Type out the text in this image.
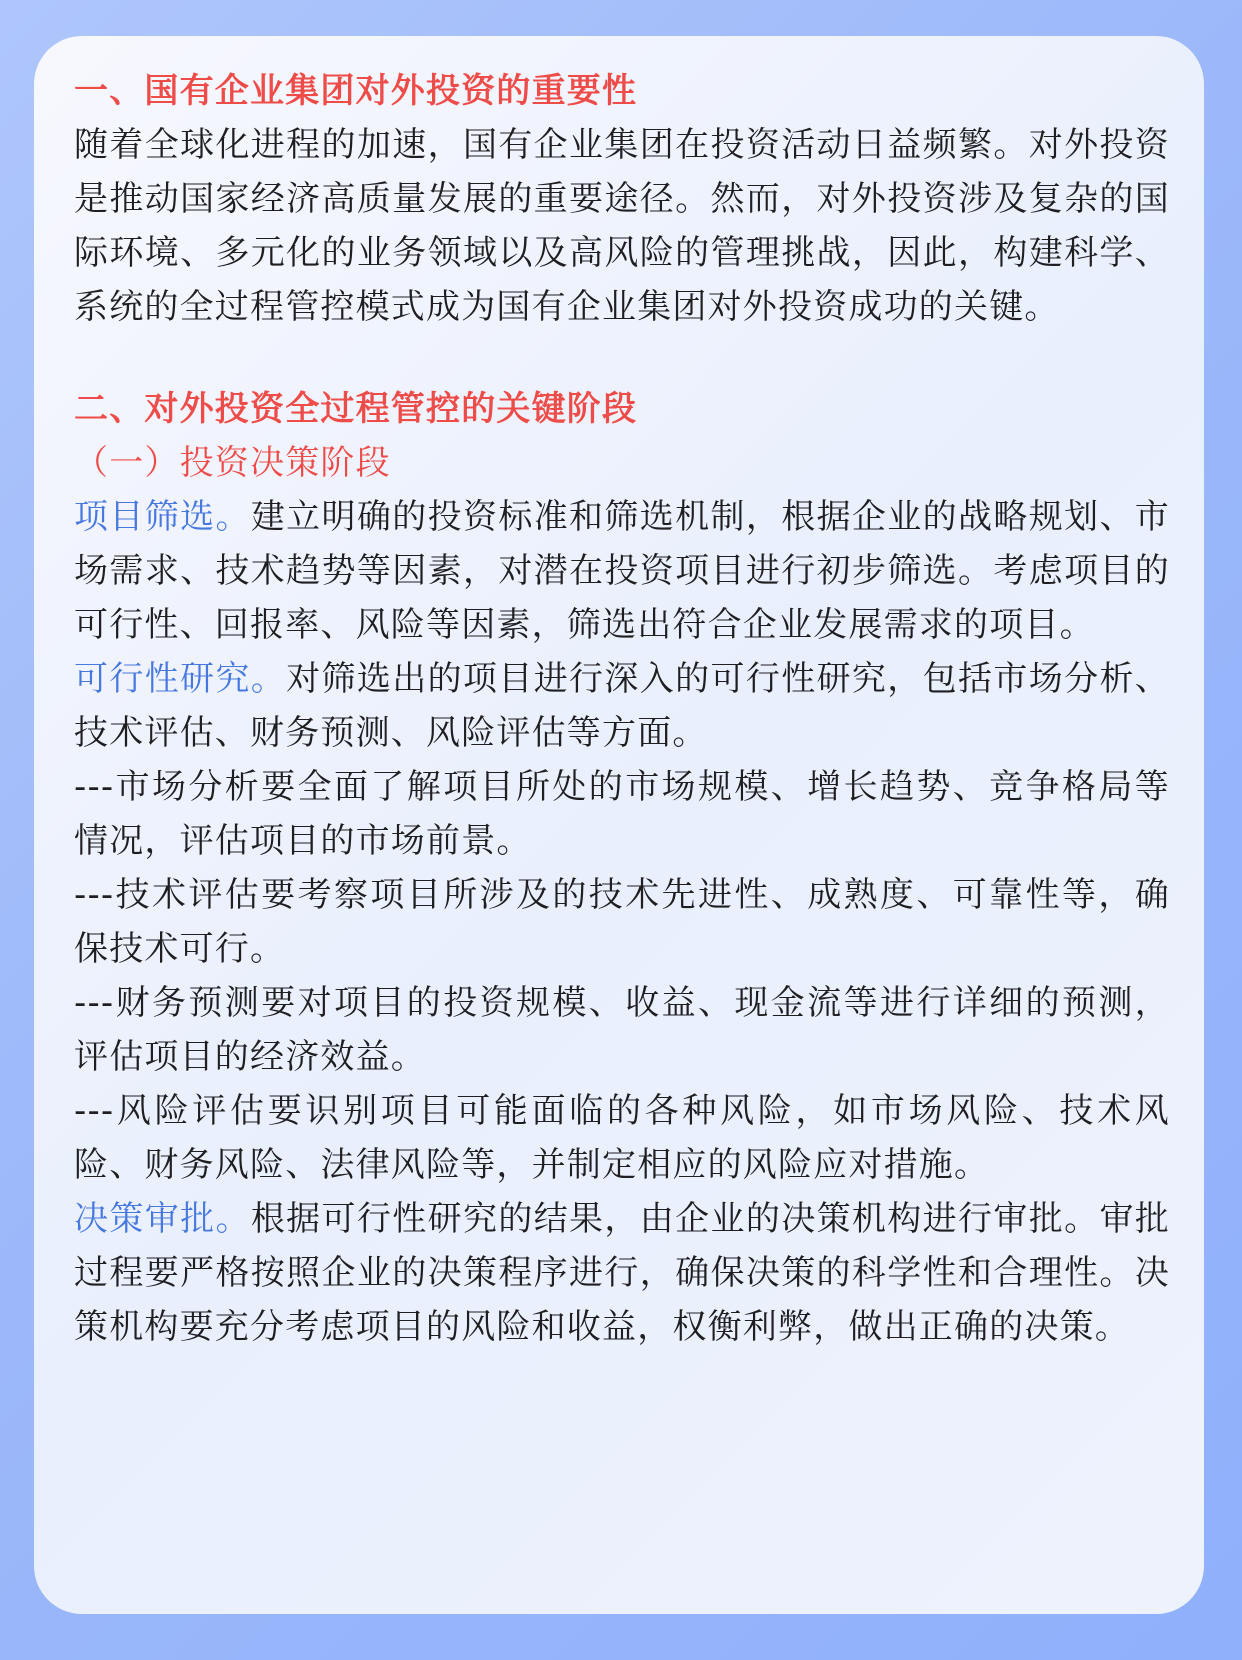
一、国有企业集团对外投资的重要性

随着全球化进程的加速，国有企业集团在投资活动日益频繁。对外投资是推动国家经济高质量发展的重要途径。然而，对外投资涉及复杂的国际环境、多元化的业务领域以及高风险的管理挑战，因此，构建科学、系统的全过程管控模式成为国有企业集团对外投资成功的关键。

二、对外投资全过程管控的关键阶段

（一）投资决策阶段

项目筛选。建立明确的投资标准和筛选机制，根据企业的战略规划、市场需求、技术趋势等因素，对潜在投资项目进行初步筛选。考虑项目的可行性、回报率、风险等因素，筛选出符合企业发展需求的项目。

可行性研究。对筛选出的项目进行深入的可行性研究，包括市场分析、技术评估、财务预测、风险评估等方面。

---市场分析要全面了解项目所处的市场规模、增长趋势、竞争格局等情况，评估项目的市场前景。

---技术评估要考察项目所涉及的技术先进性、成熟度、可靠性等，确保技术可行。

---财务预测要对项目的投资规模、收益、现金流等进行详细的预测，评估项目的经济效益。

---风险评估要识别项目可能面临的各种风险，如市场风险、技术风险、财务风险、法律风险等，并制定相应的风险应对措施。

决策审批。根据可行性研究的结果，由企业的决策机构进行审批。审批过程要严格按照企业的决策程序进行，确保决策的科学性和合理性。决策机构要充分考虑项目的风险和收益，权衡利弊，做出正确的决策。
